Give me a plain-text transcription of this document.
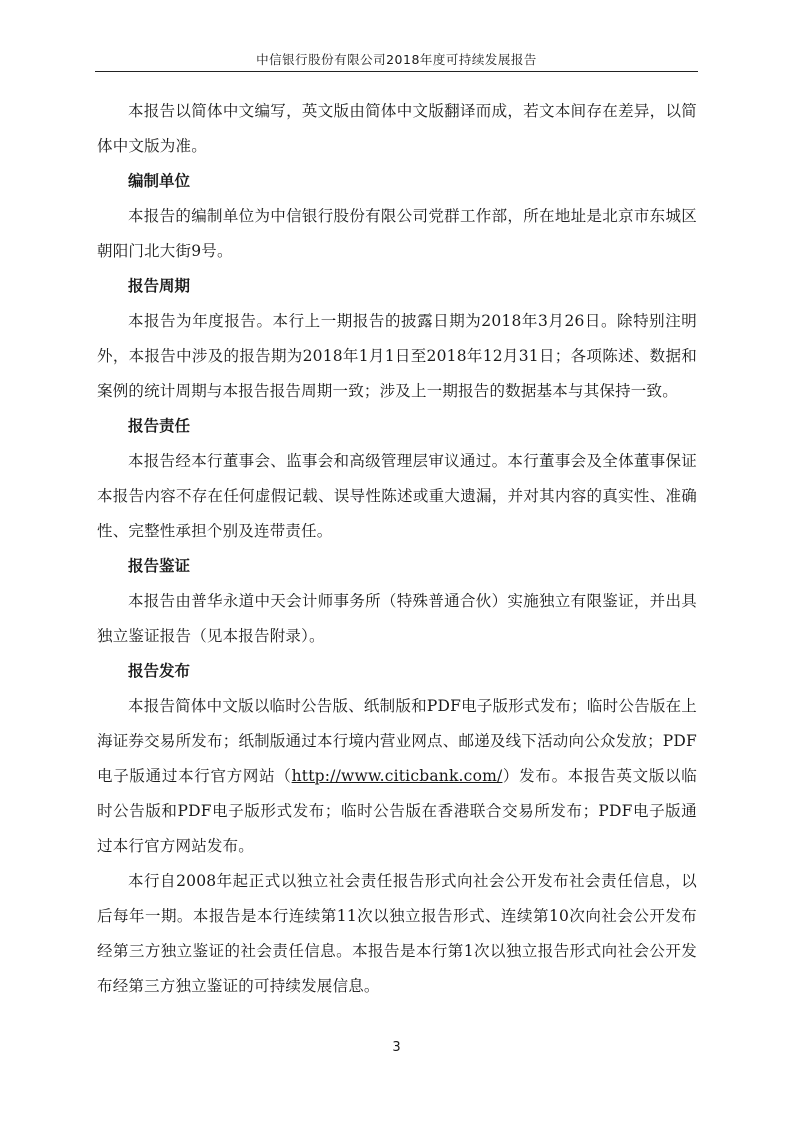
中信银行股份有限公司2018年度可持续发展报告

本报告以简体中文编写，英文版由简体中文版翻译而成，若文本间存在差异，以简体中文版为准。

编制单位

本报告的编制单位为中信银行股份有限公司党群工作部，所在地址是北京市东城区朝阳门北大街9号。

报告周期

本报告为年度报告。本行上一期报告的披露日期为2018年3月26日。除特别注明外，本报告中涉及的报告期为2018年1月1日至2018年12月31日；各项陈述、数据和案例的统计周期与本报告报告周期一致；涉及上一期报告的数据基本与其保持一致。

报告责任

本报告经本行董事会、监事会和高级管理层审议通过。本行董事会及全体董事保证本报告内容不存在任何虚假记载、误导性陈述或重大遗漏，并对其内容的真实性、准确性、完整性承担个别及连带责任。

报告鉴证

本报告由普华永道中天会计师事务所（特殊普通合伙）实施独立有限鉴证，并出具独立鉴证报告（见本报告附录）。

报告发布

本报告简体中文版以临时公告版、纸制版和PDF电子版形式发布；临时公告版在上海证券交易所发布；纸制版通过本行境内营业网点、邮递及线下活动向公众发放；PDF电子版通过本行官方网站（http://www.citicbank.com/）发布。本报告英文版以临时公告版和PDF电子版形式发布；临时公告版在香港联合交易所发布；PDF电子版通过本行官方网站发布。

本行自2008年起正式以独立社会责任报告形式向社会公开发布社会责任信息，以后每年一期。本报告是本行连续第11次以独立报告形式、连续第10次向社会公开发布经第三方独立鉴证的社会责任信息。本报告是本行第1次以独立报告形式向社会公开发布经第三方独立鉴证的可持续发展信息。

3
